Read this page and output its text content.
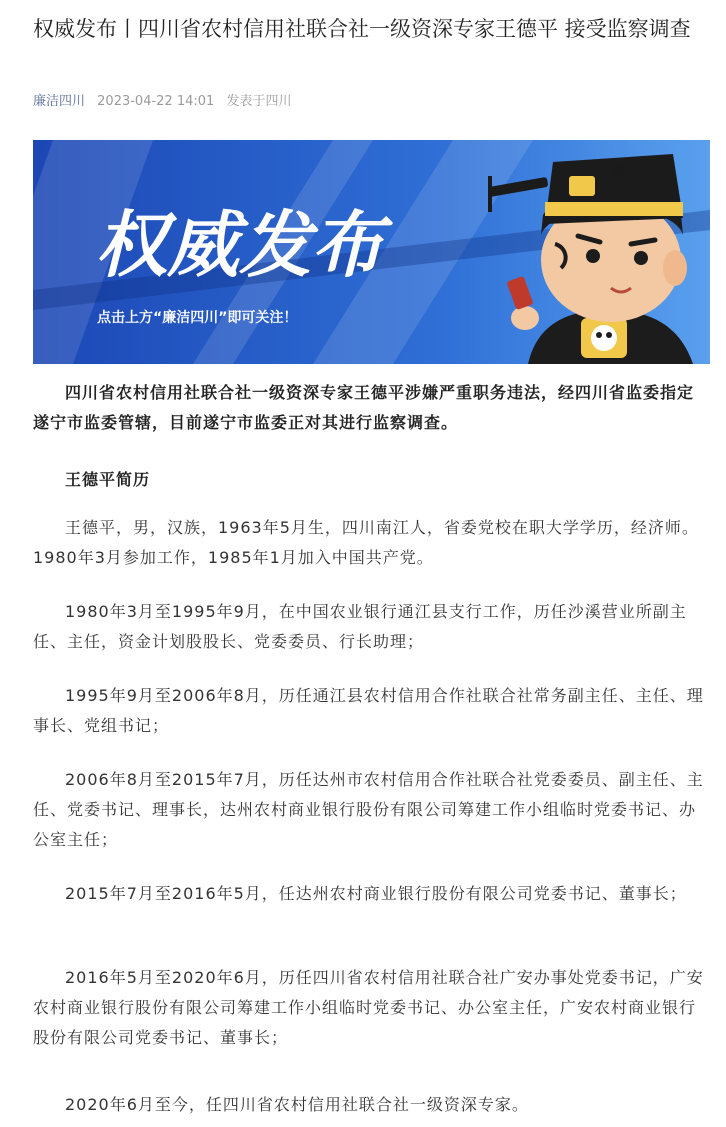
权威发布丨四川省农村信用社联合社一级资深专家王德平 接受监察调查
廉洁四川 2023-04-22 14:01 发表于四川
权威发布
点击上方“廉洁四川”即可关注！
廉

四川省农村信用社联合社一级资深专家王德平涉嫌严重职务违法，经四川省监委指定遂宁市监委管辖，目前遂宁市监委正对其进行监察调查。

王德平简历

王德平，男，汉族，1963年5月生，四川南江人，省委党校在职大学学历，经济师。1980年3月参加工作，1985年1月加入中国共产党。

1980年3月至1995年9月，在中国农业银行通江县支行工作，历任沙溪营业所副主任、主任，资金计划股股长、党委委员、行长助理；

1995年9月至2006年8月，历任通江县农村信用合作社联合社常务副主任、主任、理事长、党组书记；

2006年8月至2015年7月，历任达州市农村信用合作社联合社党委委员、副主任、主任、党委书记、理事长，达州农村商业银行股份有限公司筹建工作小组临时党委书记、办公室主任；

2015年7月至2016年5月，任达州农村商业银行股份有限公司党委书记、董事长；

2016年5月至2020年6月，历任四川省农村信用社联合社广安办事处党委书记，广安农村商业银行股份有限公司筹建工作小组临时党委书记、办公室主任，广安农村商业银行股份有限公司党委书记、董事长；

2020年6月至今，任四川省农村信用社联合社一级资深专家。
